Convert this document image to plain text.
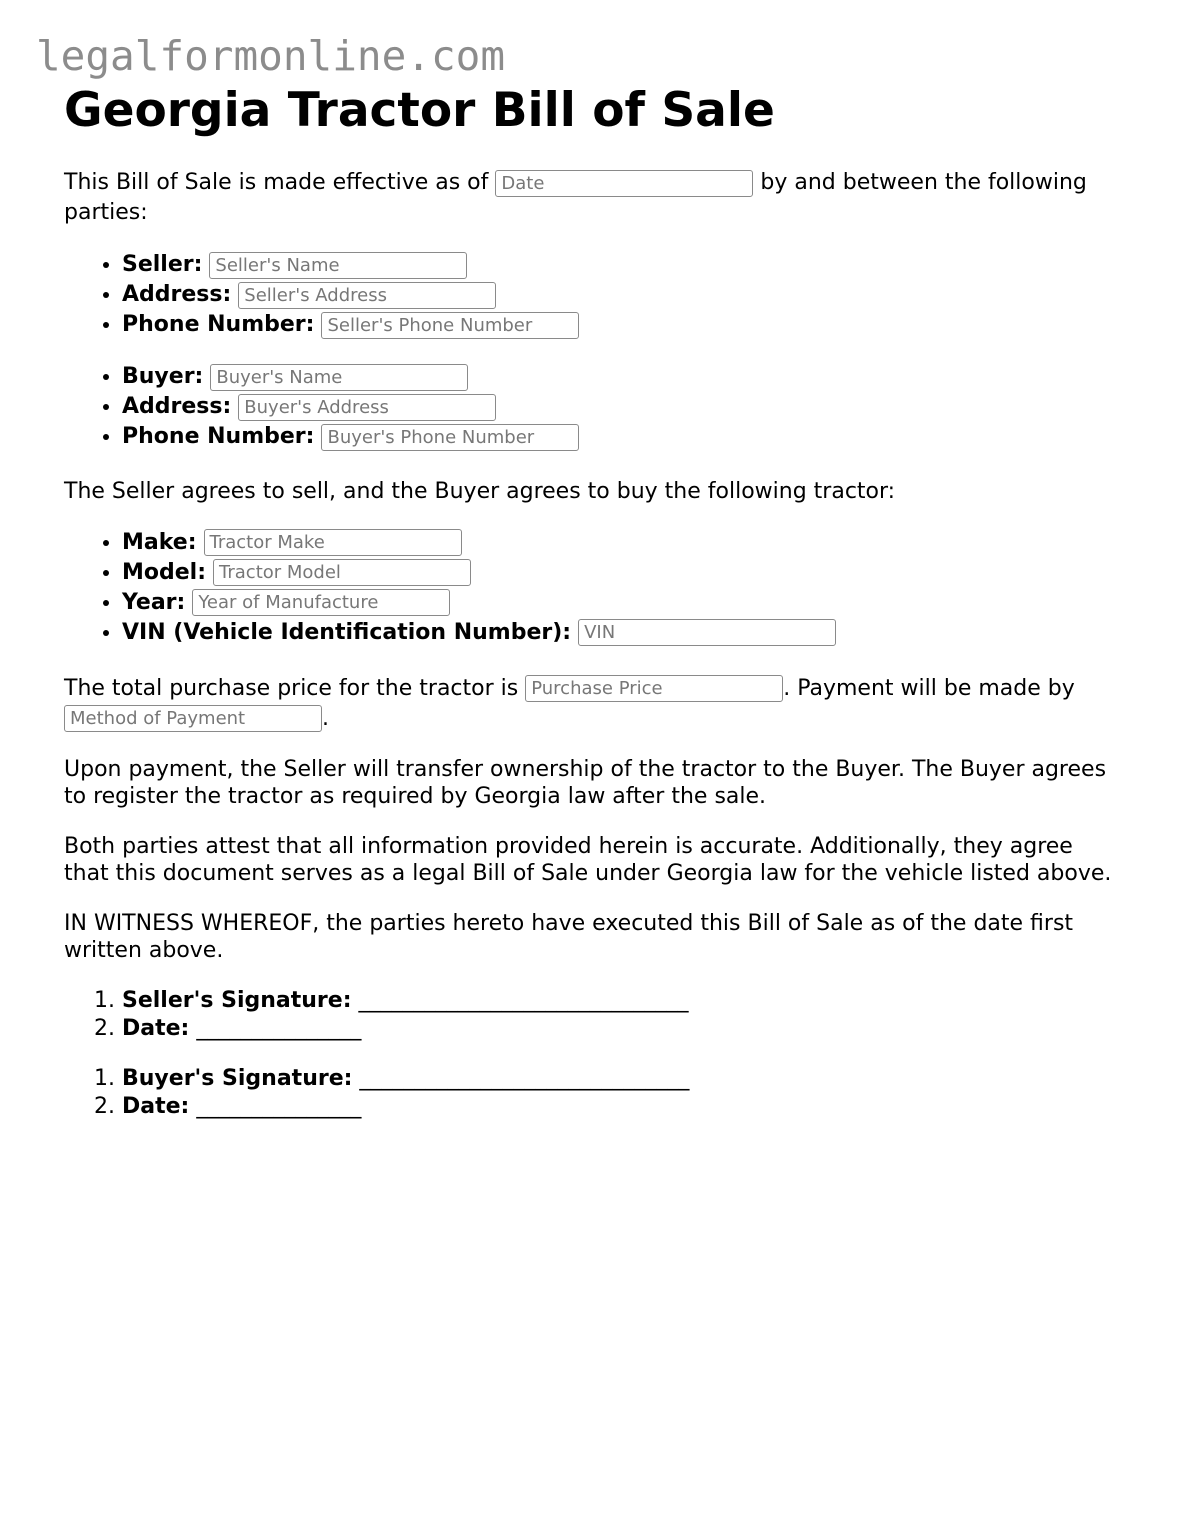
legalformonline.com
Georgia Tractor Bill of Sale

This Bill of Sale is made effective as of Date	by and between the following parties:

• Seller: Seller's Name
• Address: Seller's Address
• Phone Number: Seller's Phone Number
• Buyer: Buyer's Name
• Address: Buyer's Address
• Phone Number: Buyer's Phone Number

The Seller agrees to sell, and the Buyer agrees to buy the following tractor:

• Make: Tractor Make
• Model: Tractor Model
• Year: Year of Manufacture
• VIN (Vehicle Identification Number): VIN

The total purchase price for the tractor is Purchase Price	. Payment will be made by Method of Payment	.

Upon payment, the Seller will transfer ownership of the tractor to the Buyer. The Buyer agrees to register the tractor as required by Georgia law after the sale.

Both parties attest that all information provided herein is accurate. Additionally, they agree that this document serves as a legal Bill of Sale under Georgia law for the vehicle listed above.

IN WITNESS WHEREOF, the parties hereto have executed this Bill of Sale as of the date first written above.

1. Seller's Signature: ______________________________
2. Date: _______________
1. Buyer's Signature: ______________________________
2. Date: _______________
